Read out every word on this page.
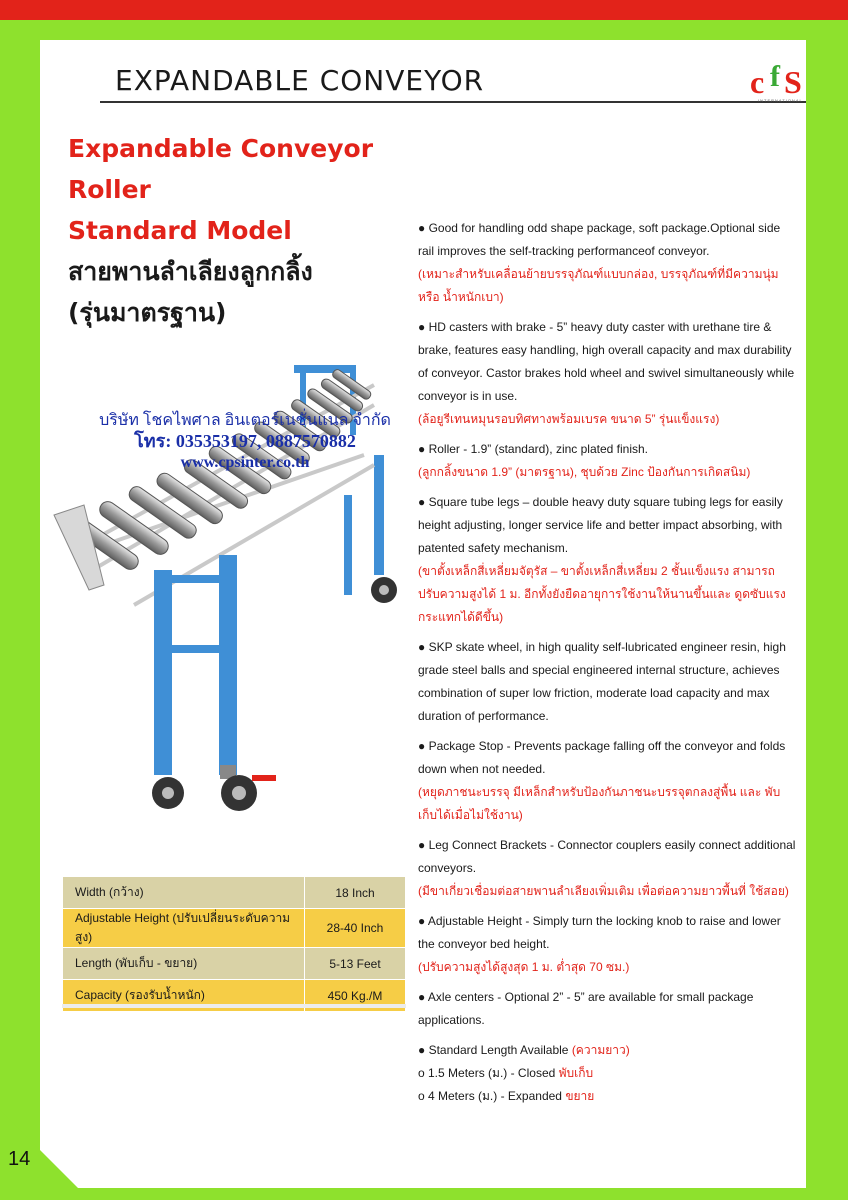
EXPANDABLE CONVEYOR	c f S
INTERNATIONAL
Expandable Conveyor
Roller
Standard Model
สายพานลำเลียงลูกกลิ้ง
(รุ่นมาตรฐาน)
บริษัท โชคไพศาล อินเตอร์เนชั่นแนล จำกัด
โทร: 035353197, 0887570882
www.cpsinter.co.th
Width (กว้าง)	18 Inch
Adjustable Height (ปรับเปลี่ยนระดับความสูง)	28-40 Inch
Length (พับเก็บ - ขยาย)	5-13 Feet
Capacity (รองรับน้ำหนัก)	450 Kg./M

● Good for handling odd shape package, soft package.Optional side rail improves the self-tracking performanceof conveyor.

(เหมาะสำหรับเคลื่อนย้ายบรรจุภัณฑ์แบบกล่อง, บรรจุภัณฑ์ที่มีความนุ่ม หรือ น้ำหนักเบา)

● HD casters with brake - 5” heavy duty caster with urethane tire & brake, features easy handling, high overall capacity and max durability of conveyor. Castor brakes hold wheel and swivel simultaneously while conveyor is in use.

(ล้อยูรีเทนหมุนรอบทิศทางพร้อมเบรค ขนาด 5” รุ่นแข็งแรง)

● Roller - 1.9” (standard), zinc plated finish.

(ลูกกลิ้งขนาด 1.9” (มาตรฐาน), ชุบด้วย Zinc ป้องกันการเกิดสนิม)

● Square tube legs – double heavy duty square tubing legs for easily height adjusting, longer service life and better impact absorbing, with patented safety mechanism.

(ขาตั้งเหล็กสี่เหลี่ยมจัตุรัส – ขาตั้งเหล็กสี่เหลี่ยม 2 ชั้นแข็งแรง สามารถปรับความสูงได้ 1 ม. อีกทั้งยังยืดอายุการใช้งานให้นานขึ้นและ ดูดซับแรงกระแทกได้ดีขึ้น)

● SKP skate wheel, in high quality self-lubricated engineer resin, high grade steel balls and special engineered internal structure, achieves combination of super low friction, moderate load capacity and max duration of performance.

● Package Stop - Prevents package falling off the conveyor and folds down when not needed.

(หยุดภาชนะบรรจุ มีเหล็กสำหรับป้องกันภาชนะบรรจุตกลงสู่พื้น และ พับเก็บได้เมื่อไม่ใช้งาน)

● Leg Connect Brackets - Connector couplers easily connect additional conveyors.

(มีขาเกี่ยวเชื่อมต่อสายพานลำเลียงเพิ่มเติม เพื่อต่อความยาวพื้นที่ ใช้สอย)

● Adjustable Height - Simply turn the locking knob to raise and lower the conveyor bed height.

(ปรับความสูงได้สูงสุด 1 ม. ต่ำสุด 70 ซม.)

● Axle centers - Optional 2” - 5” are available for small package applications.

● Standard Length Available (ความยาว)

o 1.5 Meters (ม.) - Closed พับเก็บ

o 4 Meters (ม.) - Expanded ขยาย

14
